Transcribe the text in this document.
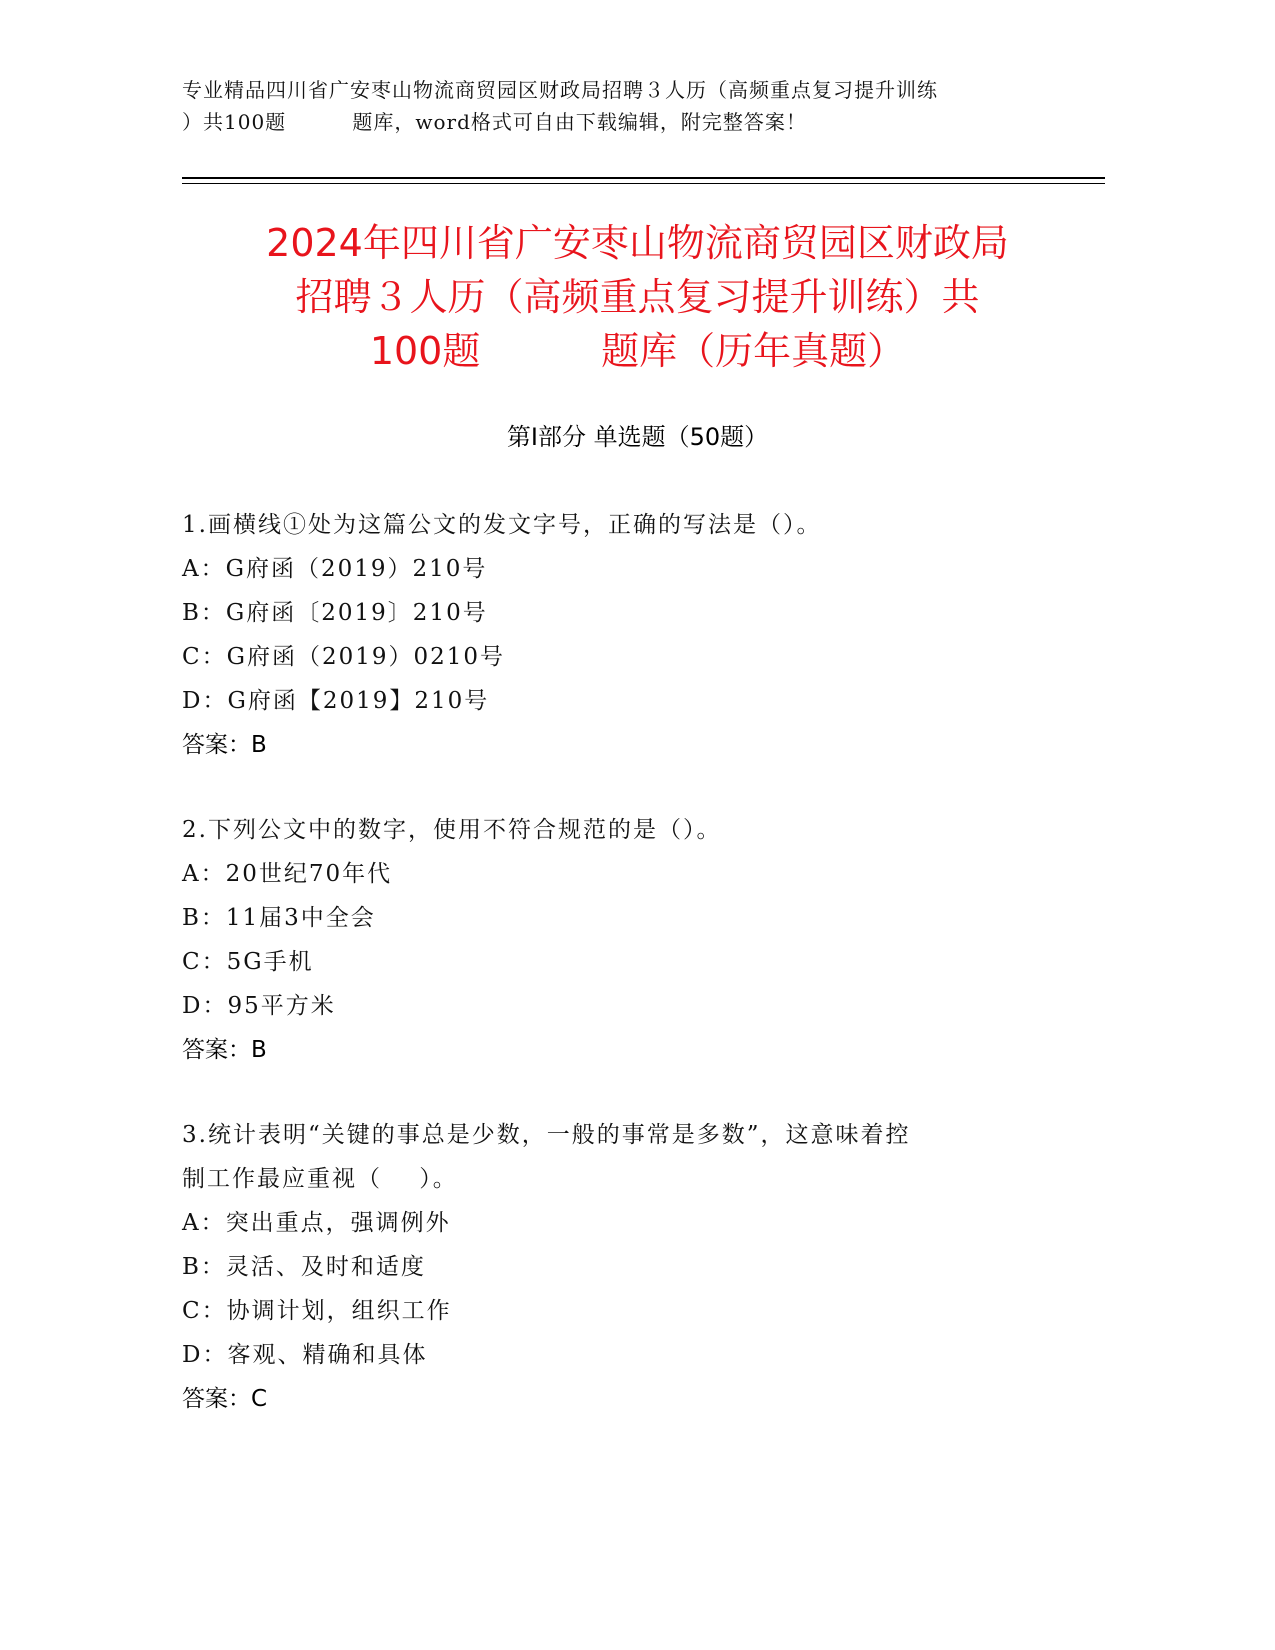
专业精品四川省广安枣山物流商贸园区财政局招聘３人历（高频重点复习提升训练
）共100题         题库，word格式可自由下载编辑，附完整答案！
2024年四川省广安枣山物流商贸园区财政局
招聘３人历（高频重点复习提升训练）共
100题          题库（历年真题）
第Ⅰ部分 单选题（50题）
1.画横线①处为这篇公文的发文字号，正确的写法是（）。
A：G府函（2019）210号
B：G府函〔2019〕210号
C：G府函（2019）0210号
D：G府函【2019】210号
答案：B
2.下列公文中的数字，使用不符合规范的是（）。
A：20世纪70年代
B：11届3中全会
C：5G手机
D：95平方米
答案：B
3.统计表明“关键的事总是少数，一般的事常是多数”，这意味着控
制工作最应重视（    ）。
A：突出重点，强调例外
B：灵活、及时和适度
C：协调计划，组织工作
D：客观、精确和具体
答案：C
